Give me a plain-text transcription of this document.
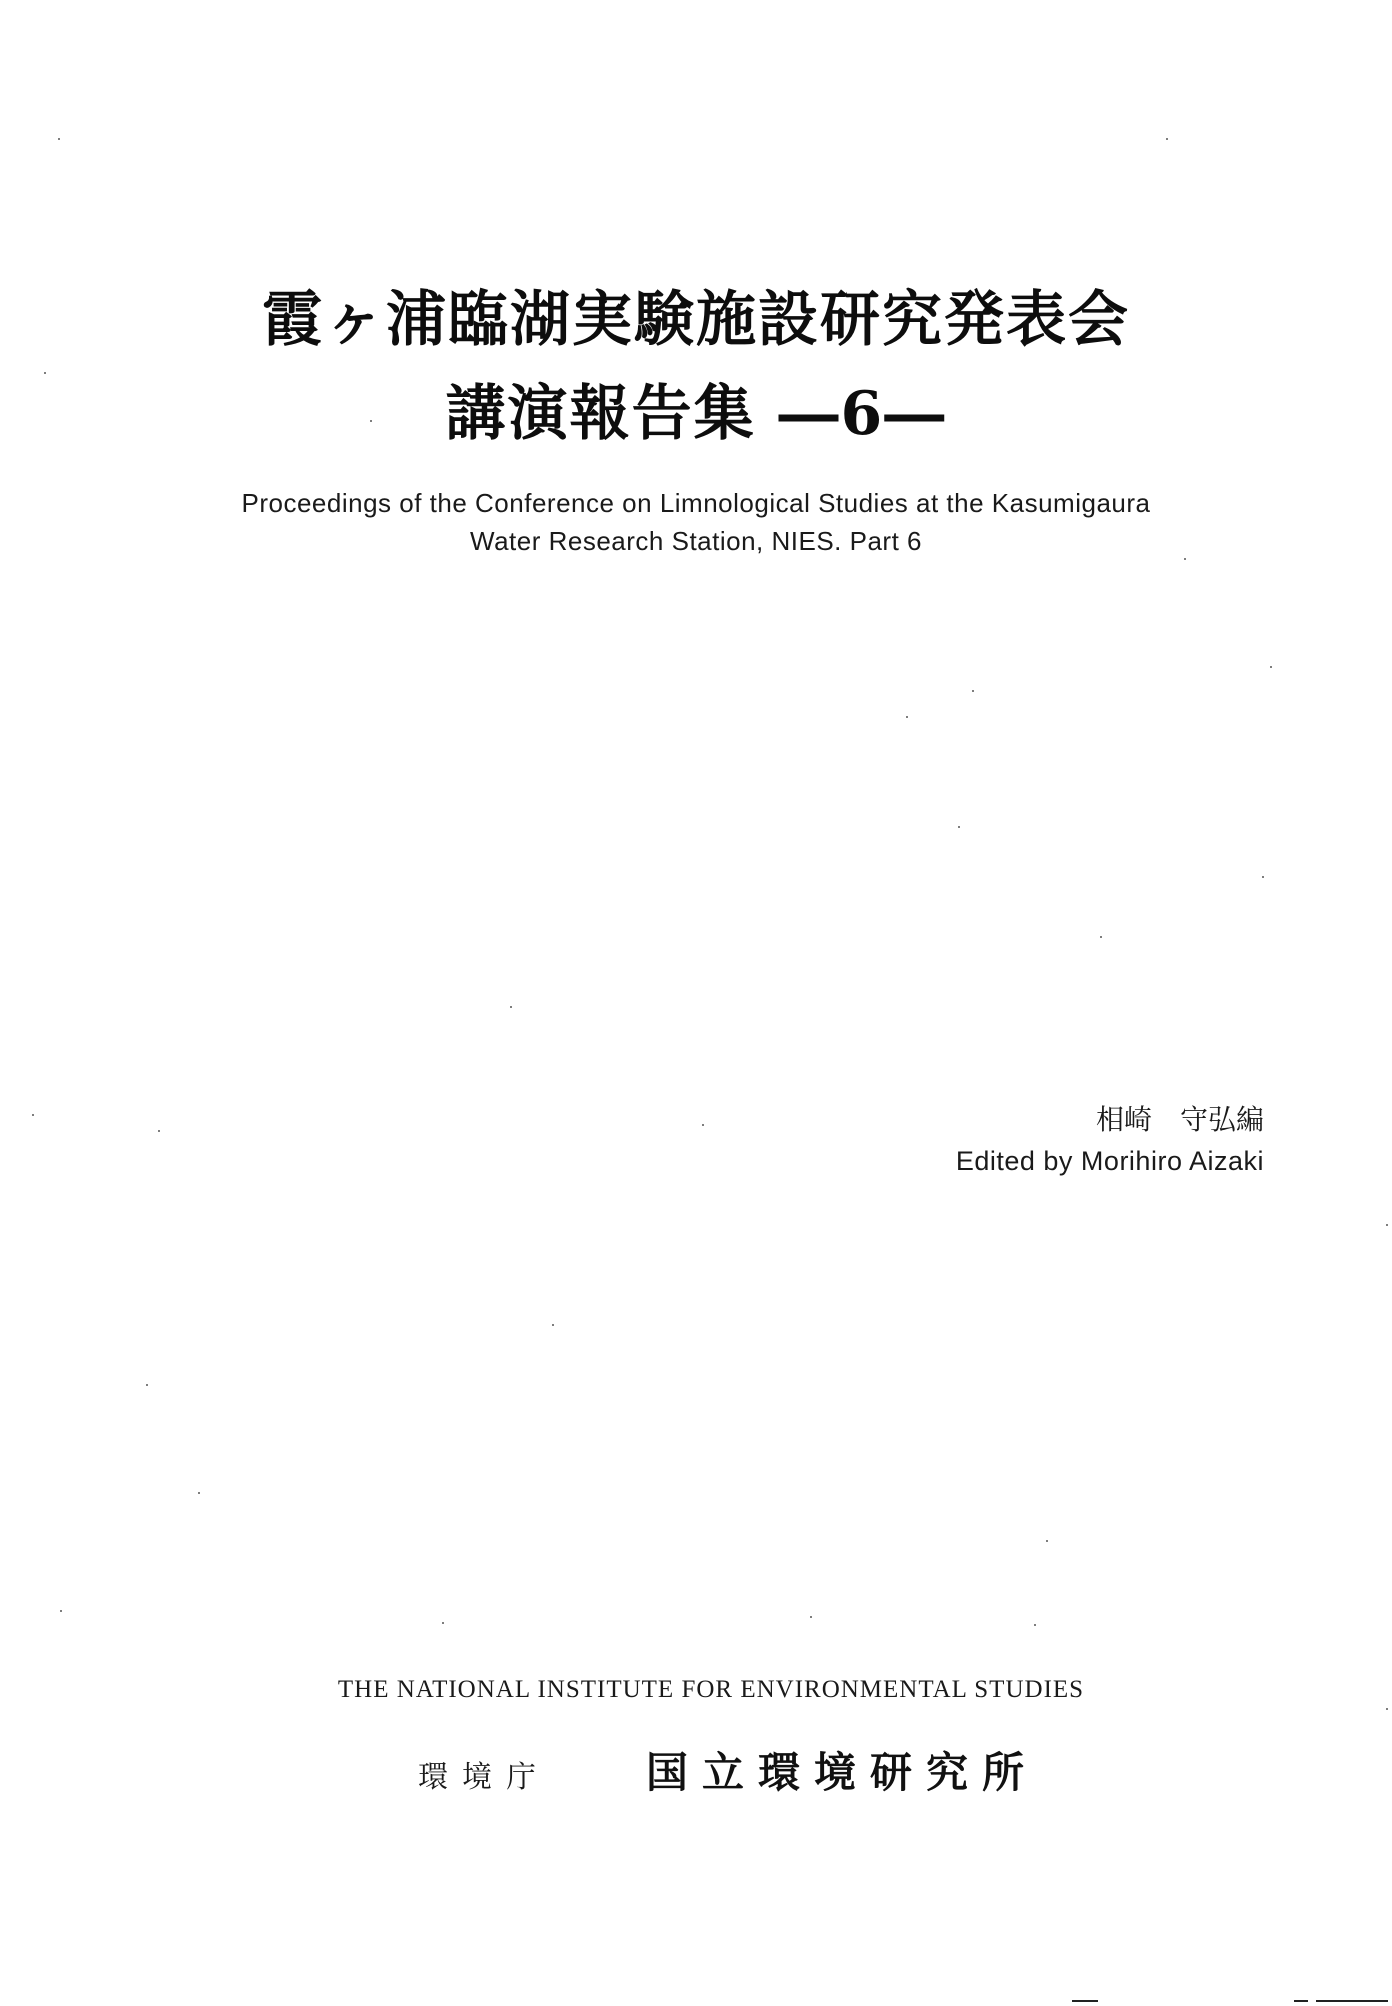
霞ヶ浦臨湖実験施設研究発表会
講演報告集 ―6―
Proceedings of the Conference on Limnological Studies at the Kasumigaura
Water Research Station, NIES. Part 6
相崎　守弘編
Edited by Morihiro Aizaki
THE NATIONAL INSTITUTE FOR ENVIRONMENTAL STUDIES
環境庁 国立環境研究所
